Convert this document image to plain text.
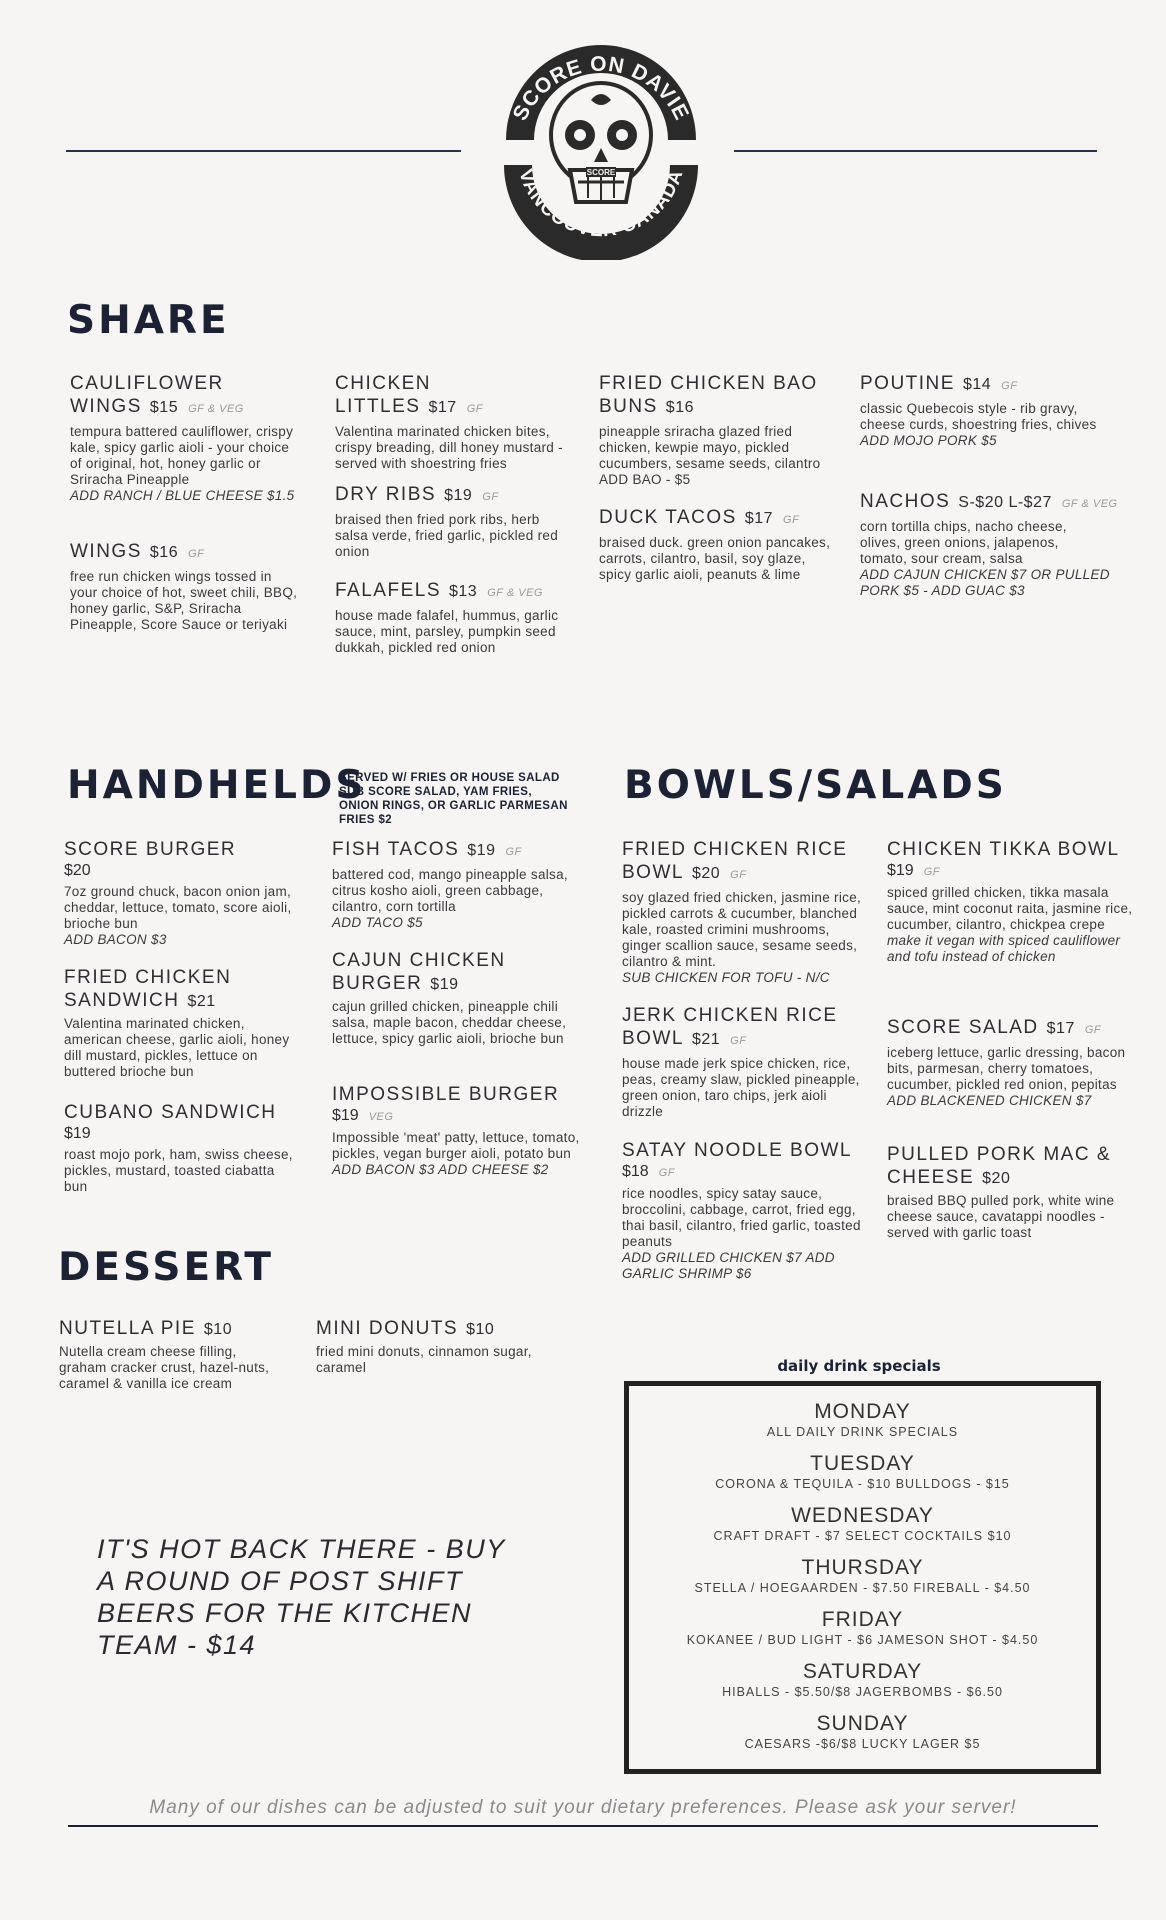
SCORE ON DAVIE
VANCOUVER CANADA
SCORE
SHARE
CAULIFLOWER WINGS $15 GF & VEG
tempura battered cauliflower, crispy kale, spicy garlic aioli - your choice of original, hot, honey garlic or Sriracha Pineapple
ADD RANCH / BLUE CHEESE $1.5
WINGS $16 GF
free run chicken wings tossed in your choice of hot, sweet chili, BBQ, honey garlic, S&P, Sriracha Pineapple, Score Sauce or teriyaki
CHICKEN LITTLES $17 GF
Valentina marinated chicken bites, crispy breading, dill honey mustard - served with shoestring fries
DRY RIBS $19 GF
braised then fried pork ribs, herb salsa verde, fried garlic, pickled red onion
FALAFELS $13 GF & VEG
house made falafel, hummus, garlic sauce, mint, parsley, pumpkin seed dukkah, pickled red onion
FRIED CHICKEN BAO BUNS $16
pineapple sriracha glazed fried chicken, kewpie mayo, pickled cucumbers, sesame seeds, cilantro ADD BAO - $5
DUCK TACOS $17 GF
braised duck. green onion pancakes, carrots, cilantro, basil, soy glaze, spicy garlic aioli, peanuts & lime
POUTINE $14 GF
classic Quebecois style - rib gravy, cheese curds, shoestring fries, chives
ADD MOJO PORK $5
NACHOS S-$20 L-$27 GF & VEG
corn tortilla chips, nacho cheese, olives, green onions, jalapenos, tomato, sour cream, salsa
ADD CAJUN CHICKEN $7 OR PULLED PORK $5 - ADD GUAC $3
HANDHELDS
SERVED W/ FRIES OR HOUSE SALAD SUB SCORE SALAD, YAM FRIES, ONION RINGS, OR GARLIC PARMESAN FRIES $2
SCORE BURGER
$20
7oz ground chuck, bacon onion jam, cheddar, lettuce, tomato, score aioli, brioche bun
ADD BACON $3
FRIED CHICKEN SANDWICH $21
Valentina marinated chicken, american cheese, garlic aioli, honey dill mustard, pickles, lettuce on buttered brioche bun
CUBANO SANDWICH
$19
roast mojo pork, ham, swiss cheese, pickles, mustard, toasted ciabatta bun
FISH TACOS $19 GF
battered cod, mango pineapple salsa, citrus kosho aioli, green cabbage, cilantro, corn tortilla
ADD TACO $5
CAJUN CHICKEN BURGER $19
cajun grilled chicken, pineapple chili salsa, maple bacon, cheddar cheese, lettuce, spicy garlic aioli, brioche bun
IMPOSSIBLE BURGER
$19 VEG
Impossible 'meat' patty, lettuce, tomato, pickles, vegan burger aioli, potato bun
ADD BACON $3 ADD CHEESE $2
BOWLS/SALADS
FRIED CHICKEN RICE BOWL $20 GF
soy glazed fried chicken, jasmine rice, pickled carrots & cucumber, blanched kale, roasted crimini mushrooms, ginger scallion sauce, sesame seeds, cilantro & mint.
SUB CHICKEN FOR TOFU - N/C
JERK CHICKEN RICE BOWL $21 GF
house made jerk spice chicken, rice, peas, creamy slaw, pickled pineapple, green onion, taro chips, jerk aioli drizzle
SATAY NOODLE BOWL
$18 GF
rice noodles, spicy satay sauce, broccolini, cabbage, carrot, fried egg, thai basil, cilantro, fried garlic, toasted peanuts
ADD GRILLED CHICKEN $7 ADD GARLIC SHRIMP $6
CHICKEN TIKKA BOWL
$19 GF
spiced grilled chicken, tikka masala sauce, mint coconut raita, jasmine rice, cucumber, cilantro, chickpea crepe
make it vegan with spiced cauliflower and tofu instead of chicken
SCORE SALAD $17 GF
iceberg lettuce, garlic dressing, bacon bits, parmesan, cherry tomatoes, cucumber, pickled red onion, pepitas
ADD BLACKENED CHICKEN $7
PULLED PORK MAC & CHEESE $20
braised BBQ pulled pork, white wine cheese sauce, cavatappi noodles - served with garlic toast
DESSERT
NUTELLA PIE $10
Nutella cream cheese filling, graham cracker crust, hazel-nuts, caramel & vanilla ice cream
MINI DONUTS $10
fried mini donuts, cinnamon sugar, caramel
IT'S HOT BACK THERE - BUY A ROUND OF POST SHIFT BEERS FOR THE KITCHEN TEAM - $14
daily drink specials
MONDAY
ALL DAILY DRINK SPECIALS
TUESDAY
CORONA & TEQUILA - $10 BULLDOGS - $15
WEDNESDAY
CRAFT DRAFT - $7 SELECT COCKTAILS $10
THURSDAY
STELLA / HOEGAARDEN - $7.50 FIREBALL - $4.50
FRIDAY
KOKANEE / BUD LIGHT - $6 JAMESON SHOT - $4.50
SATURDAY
HIBALLS - $5.50/$8 JAGERBOMBS - $6.50
SUNDAY
CAESARS -$6/$8 LUCKY LAGER $5
Many of our dishes can be adjusted to suit your dietary preferences. Please ask your server!
